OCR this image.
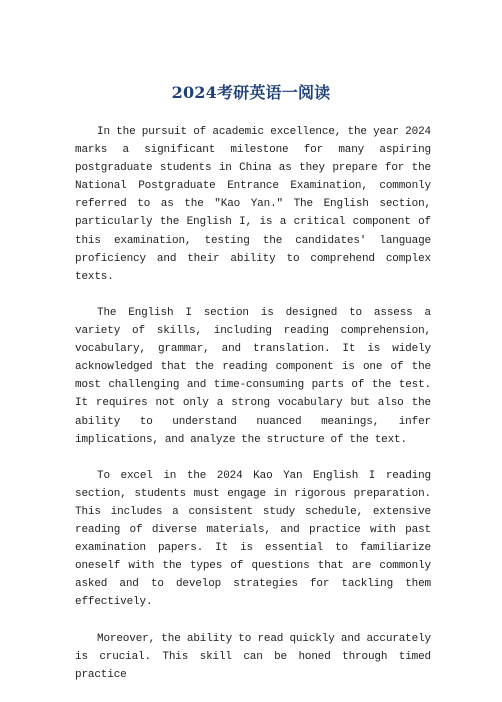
2024考研英语一阅读

In the pursuit of academic excellence, the year 2024 marks a significant milestone for many aspiring postgraduate students in China as they prepare for the National Postgraduate Entrance Examination, commonly referred to as the "Kao Yan." The English section, particularly the English I, is a critical component of this examination, testing the candidates' language proficiency and their ability to comprehend complex texts.

The English I section is designed to assess a variety of skills, including reading comprehension, vocabulary, grammar, and translation. It is widely acknowledged that the reading component is one of the most challenging and time-consuming parts of the test. It requires not only a strong vocabulary but also the ability to understand nuanced meanings, infer implications, and analyze the structure of the text.

To excel in the 2024 Kao Yan English I reading section, students must engage in rigorous preparation. This includes a consistent study schedule, extensive reading of diverse materials, and practice with past examination papers. It is essential to familiarize oneself with the types of questions that are commonly asked and to develop strategies for tackling them effectively.

Moreover, the ability to read quickly and accurately is crucial. This skill can be honed through timed practice
